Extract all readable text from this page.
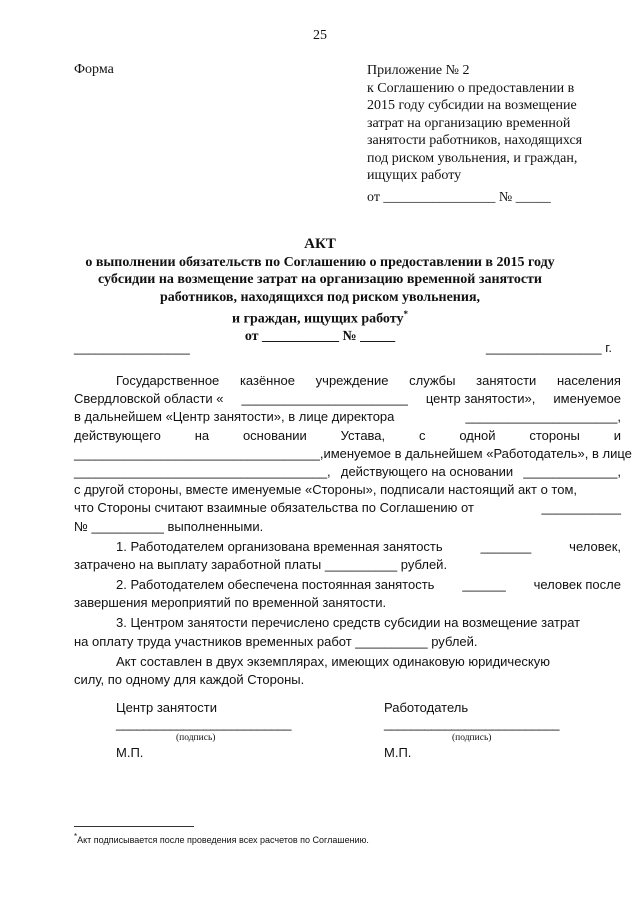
25
Форма	Приложение № 2
к Соглашению о предоставлении в
2015 году субсидии на возмещение
затрат на организацию временной
занятости работников, находящихся
под риском увольнения, и граждан,
ищущих работу
от ________________ № _____
АКТ
о выполнении обязательств по Соглашению о предоставлении в 2015 году
субсидии на возмещение затрат на организацию временной занятости
работников, находящихся под риском увольнения,
и граждан, ищущих работу*
от ___________ № _____
________________	________________ г.
Государственное казённое учреждение службы занятости населения
Свердловской области « _______________________ центр занятости», именуемое
в дальнейшем «Центр занятости», в лице директора	_____________________,
действующего	на	основании	Устава,	с	одной	стороны	и
__________________________________, именуемое в дальнейшем «Работодатель», в лице
___________________________________, действующего на основании _____________,
с другой стороны, вместе именуемые «Стороны», подписали настоящий акт о том,
что Стороны считают взаимные обязательства по Соглашению от	___________
№ __________ выполненными.
1. Работодателем организована временная занятость	_______	человек,
затрачено на выплату заработной платы __________ рублей.
2. Работодателем обеспечена постоянная занятость ______ человек после
завершения мероприятий по временной занятости.
3. Центром занятости перечислено средств субсидии на возмещение затрат
на оплату труда участников временных работ __________ рублей.
Акт составлен в двух экземплярах, имеющих одинаковую юридическую
силу, по одному для каждой Стороны.
Центр занятости	Работодатель
__________________________	__________________________
(подпись)	(подпись)
М.П.	М.П.
*Акт подписывается после проведения всех расчетов по Соглашению.
